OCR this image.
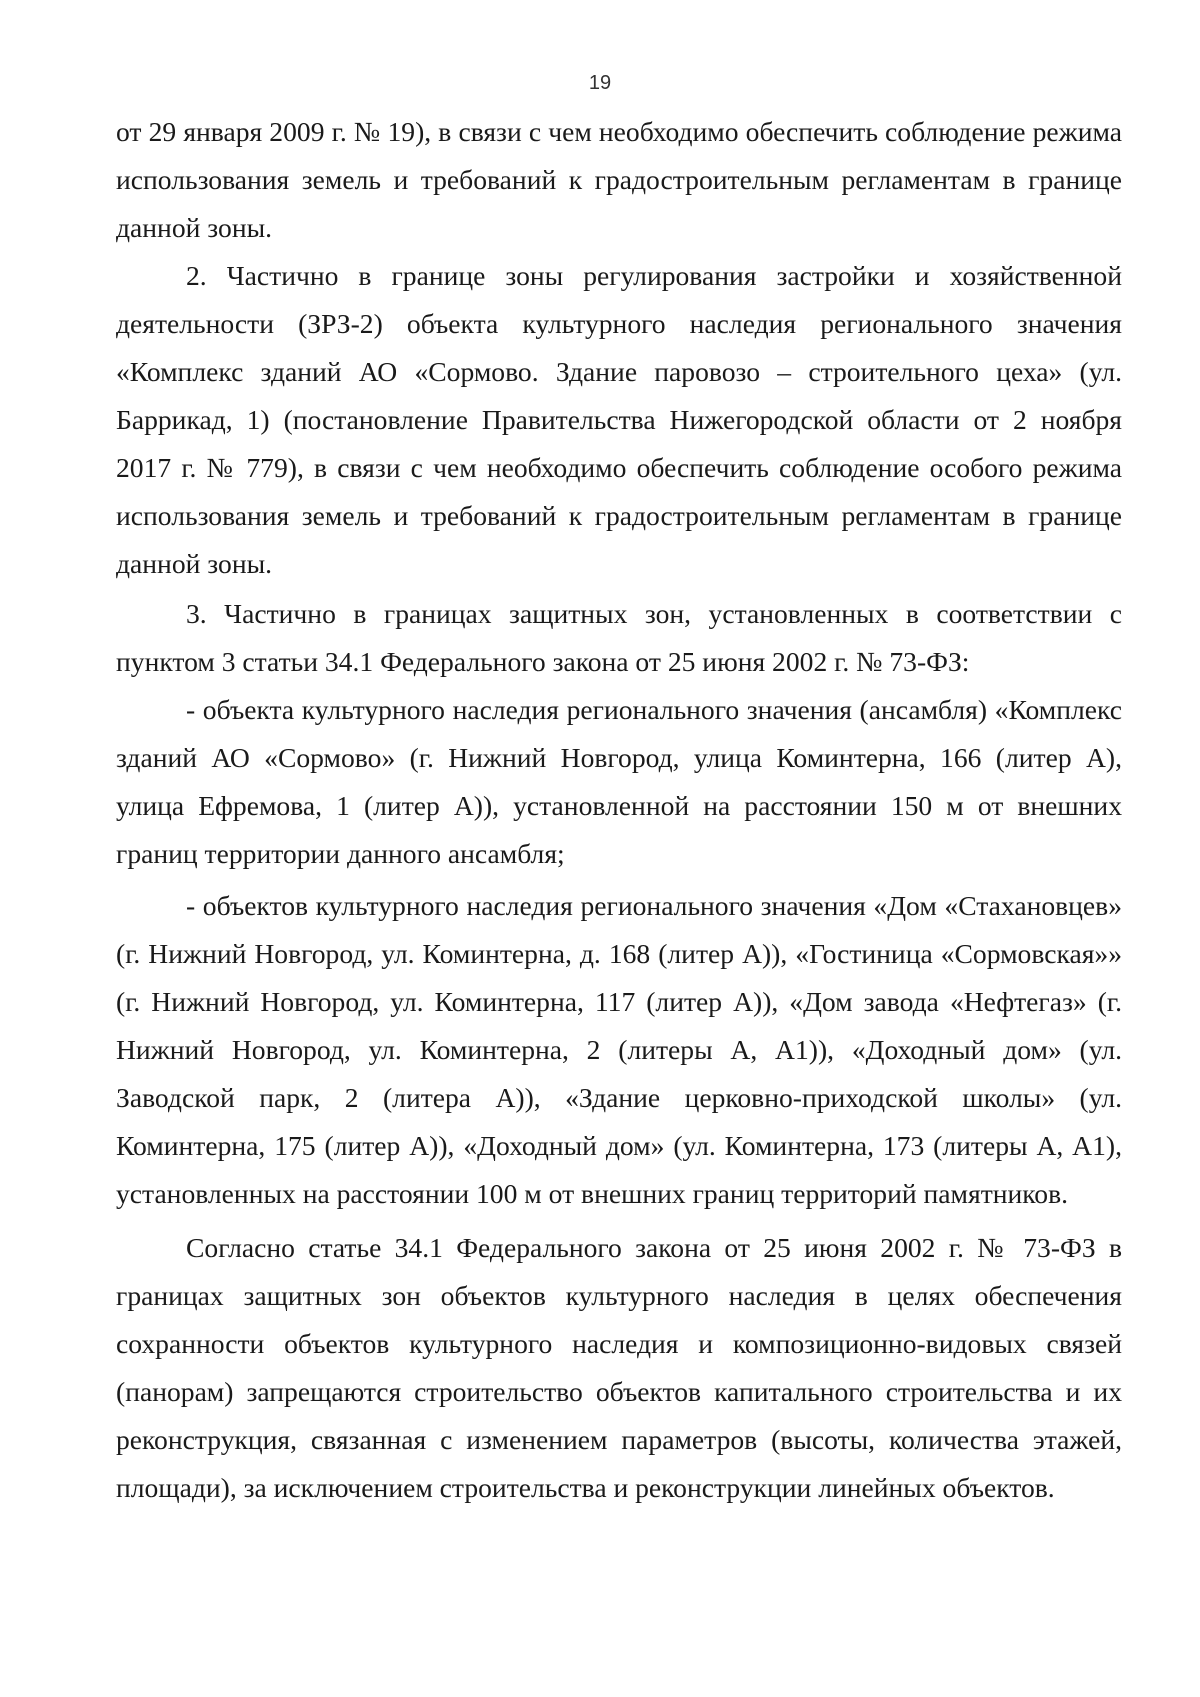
19

от 29 января 2009 г. № 19), в связи с чем необходимо обеспечить соблюдение режима использования земель и требований к градостроительным регламентам в границе данной зоны.

2. Частично в границе зоны регулирования застройки и хозяйственной деятельности (ЗРЗ-2) объекта культурного наследия регионального значения «Комплекс зданий АО «Сормово. Здание паровозо – строительного цеха» (ул. Баррикад, 1) (постановление Правительства Нижегородской области от 2 ноября 2017 г. № 779), в связи с чем необходимо обеспечить соблюдение особого режима использования земель и требований к градостроительным регламентам в границе данной зоны.

3. Частично в границах защитных зон, установленных в соответствии с пунктом 3 статьи 34.1 Федерального закона от 25 июня 2002 г. № 73-ФЗ:

- объекта культурного наследия регионального значения (ансамбля) «Комплекс зданий АО «Сормово» (г. Нижний Новгород, улица Коминтерна, 166 (литер А), улица Ефремова, 1 (литер А)), установленной на расстоянии 150 м от внешних границ территории данного ансамбля;

- объектов культурного наследия регионального значения «Дом «Стахановцев» (г. Нижний Новгород, ул. Коминтерна, д. 168 (литер А)), «Гостиница «Сормовская»» (г. Нижний Новгород, ул. Коминтерна, 117 (литер А)), «Дом завода «Нефтегаз» (г. Нижний Новгород, ул. Коминтерна, 2 (литеры А, А1)), «Доходный дом» (ул. Заводской парк, 2 (литера А)), «Здание церковно-приходской школы» (ул. Коминтерна, 175 (литер А)), «Доходный дом» (ул. Коминтерна, 173 (литеры А, А1), установленных на расстоянии 100 м от внешних границ территорий памятников.

Согласно статье 34.1 Федерального закона от 25 июня 2002 г. № 73-ФЗ в границах защитных зон объектов культурного наследия в целях обеспечения сохранности объектов культурного наследия и композиционно-видовых связей (панорам) запрещаются строительство объектов капитального строительства и их реконструкция, связанная с изменением параметров (высоты, количества этажей, площади), за исключением строительства и реконструкции линейных объектов.
